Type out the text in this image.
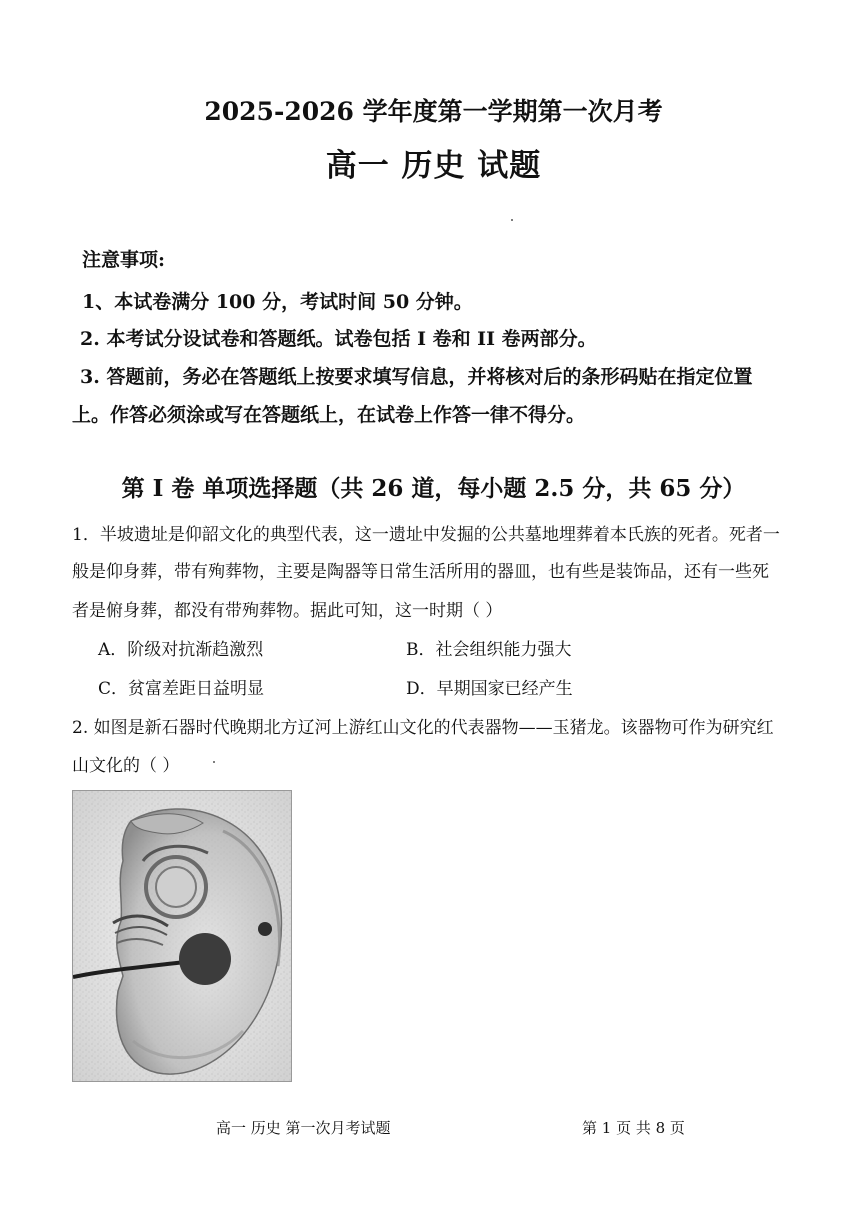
2025-2026 学年度第一学期第一次月考
高一 历史 试题
注意事项:
1、本试卷满分 100 分，考试时间 50 分钟。
2. 本考试分设试卷和答题纸。试卷包括 I 卷和 II 卷两部分。
3. 答题前，务必在答题纸上按要求填写信息，并将核对后的条形码贴在指定位置
上。作答必须涂或写在答题纸上，在试卷上作答一律不得分。
第 I 卷 单项选择题（共 26 道，每小题 2.5 分，共 65 分）
1．半坡遗址是仰韶文化的典型代表，这一遗址中发掘的公共墓地埋葬着本氏族的死者。死者一
般是仰身葬，带有殉葬物，主要是陶器等日常生活所用的器皿，也有些是装饰品，还有一些死
者是俯身葬，都没有带殉葬物。据此可知，这一时期（ ）
A．阶级对抗渐趋激烈	B．社会组织能力强大
C．贫富差距日益明显	D．早期国家已经产生
2. 如图是新石器时代晚期北方辽河上游红山文化的代表器物——玉猪龙。该器物可作为研究红
山文化的（ ）
高一 历史 第一次月考试题	第 1 页 共 8 页
